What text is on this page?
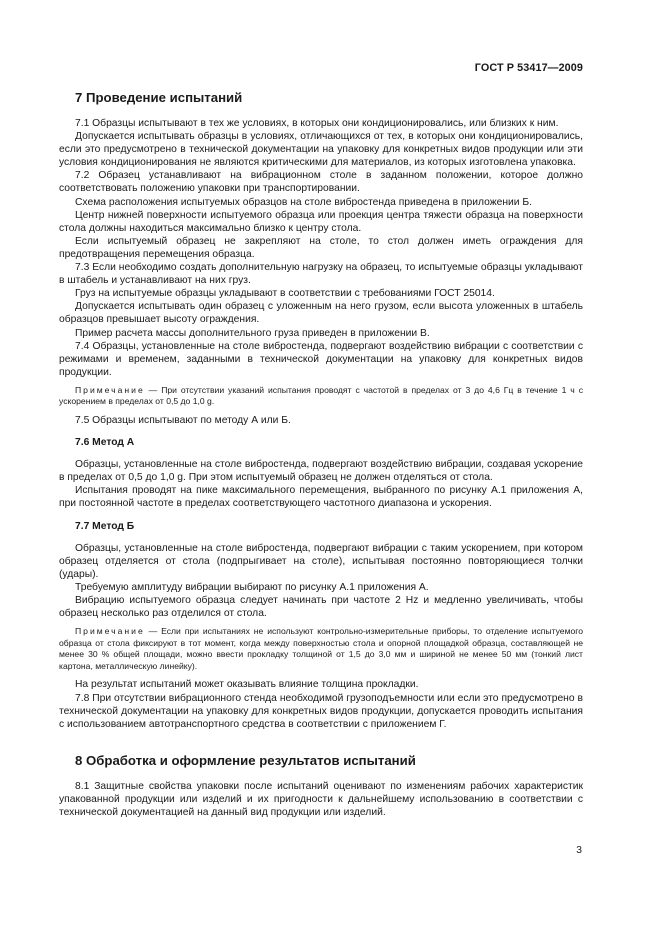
ГОСТ Р 53417—2009
7 Проведение испытаний

7.1 Образцы испытывают в тех же условиях, в которых они кондиционировались, или близких к ним.

Допускается испытывать образцы в условиях, отличающихся от тех, в которых они кондиционировались, если это предусмотрено в технической документации на упаковку для конкретных видов продукции или эти условия кондиционирования не являются критическими для материалов, из которых изготовлена упаковка.

7.2 Образец устанавливают на вибрационном столе в заданном положении, которое должно соответствовать положению упаковки при транспортировании.

Схема расположения испытуемых образцов на столе вибростенда приведена в приложении Б.

Центр нижней поверхности испытуемого образца или проекция центра тяжести образца на поверхности стола должны находиться максимально близко к центру стола.

Если испытуемый образец не закрепляют на столе, то стол должен иметь ограждения для предотвращения перемещения образца.

7.3 Если необходимо создать дополнительную нагрузку на образец, то испытуемые образцы укладывают в штабель и устанавливают на них груз.

Груз на испытуемые образцы укладывают в соответствии с требованиями ГОСТ 25014.

Допускается испытывать один образец с уложенным на него грузом, если высота уложенных в штабель образцов превышает высоту ограждения.

Пример расчета массы дополнительного груза приведен в приложении В.

7.4 Образцы, установленные на столе вибростенда, подвергают воздействию вибрации с соответствии с режимами и временем, заданными в технической документации на упаковку для конкретных видов продукции.

Примечание — При отсутствии указаний испытания проводят с частотой в пределах от 3 до 4,6 Гц в течение 1 ч с ускорением в пределах от 0,5 до 1,0 g.

7.5 Образцы испытывают по методу А или Б.

7.6 Метод А

Образцы, установленные на столе вибростенда, подвергают воздействию вибрации, создавая ускорение в пределах от 0,5 до 1,0 g. При этом испытуемый образец не должен отделяться от стола.

Испытания проводят на пике максимального перемещения, выбранного по рисунку А.1 приложения А, при постоянной частоте в пределах соответствующего частотного диапазона и ускорения.

7.7 Метод Б

Образцы, установленные на столе вибростенда, подвергают вибрации с таким ускорением, при котором образец отделяется от стола (подпрыгивает на столе), испытывая постоянно повторяющиеся толчки (удары).

Требуемую амплитуду вибрации выбирают по рисунку А.1 приложения А.

Вибрацию испытуемого образца следует начинать при частоте 2 Hz и медленно увеличивать, чтобы образец несколько раз отделился от стола.

Примечание — Если при испытаниях не используют контрольно-измерительные приборы, то отделение испытуемого образца от стола фиксируют в тот момент, когда между поверхностью стола и опорной площадкой образца, составляющей не менее 30 % общей площади, можно ввести прокладку толщиной от 1,5 до 3,0 мм и шириной не менее 50 мм (тонкий лист картона, металлическую линейку).

На результат испытаний может оказывать влияние толщина прокладки.

7.8 При отсутствии вибрационного стенда необходимой грузоподъемности или если это предусмотрено в технической документации на упаковку для конкретных видов продукции, допускается проводить испытания с использованием автотранспортного средства в соответствии с приложением Г.

8 Обработка и оформление результатов испытаний

8.1 Защитные свойства упаковки после испытаний оценивают по изменениям рабочих характеристик упакованной продукции или изделий и их пригодности к дальнейшему использованию в соответствии с технической документацией на данный вид продукции или изделий.

3
